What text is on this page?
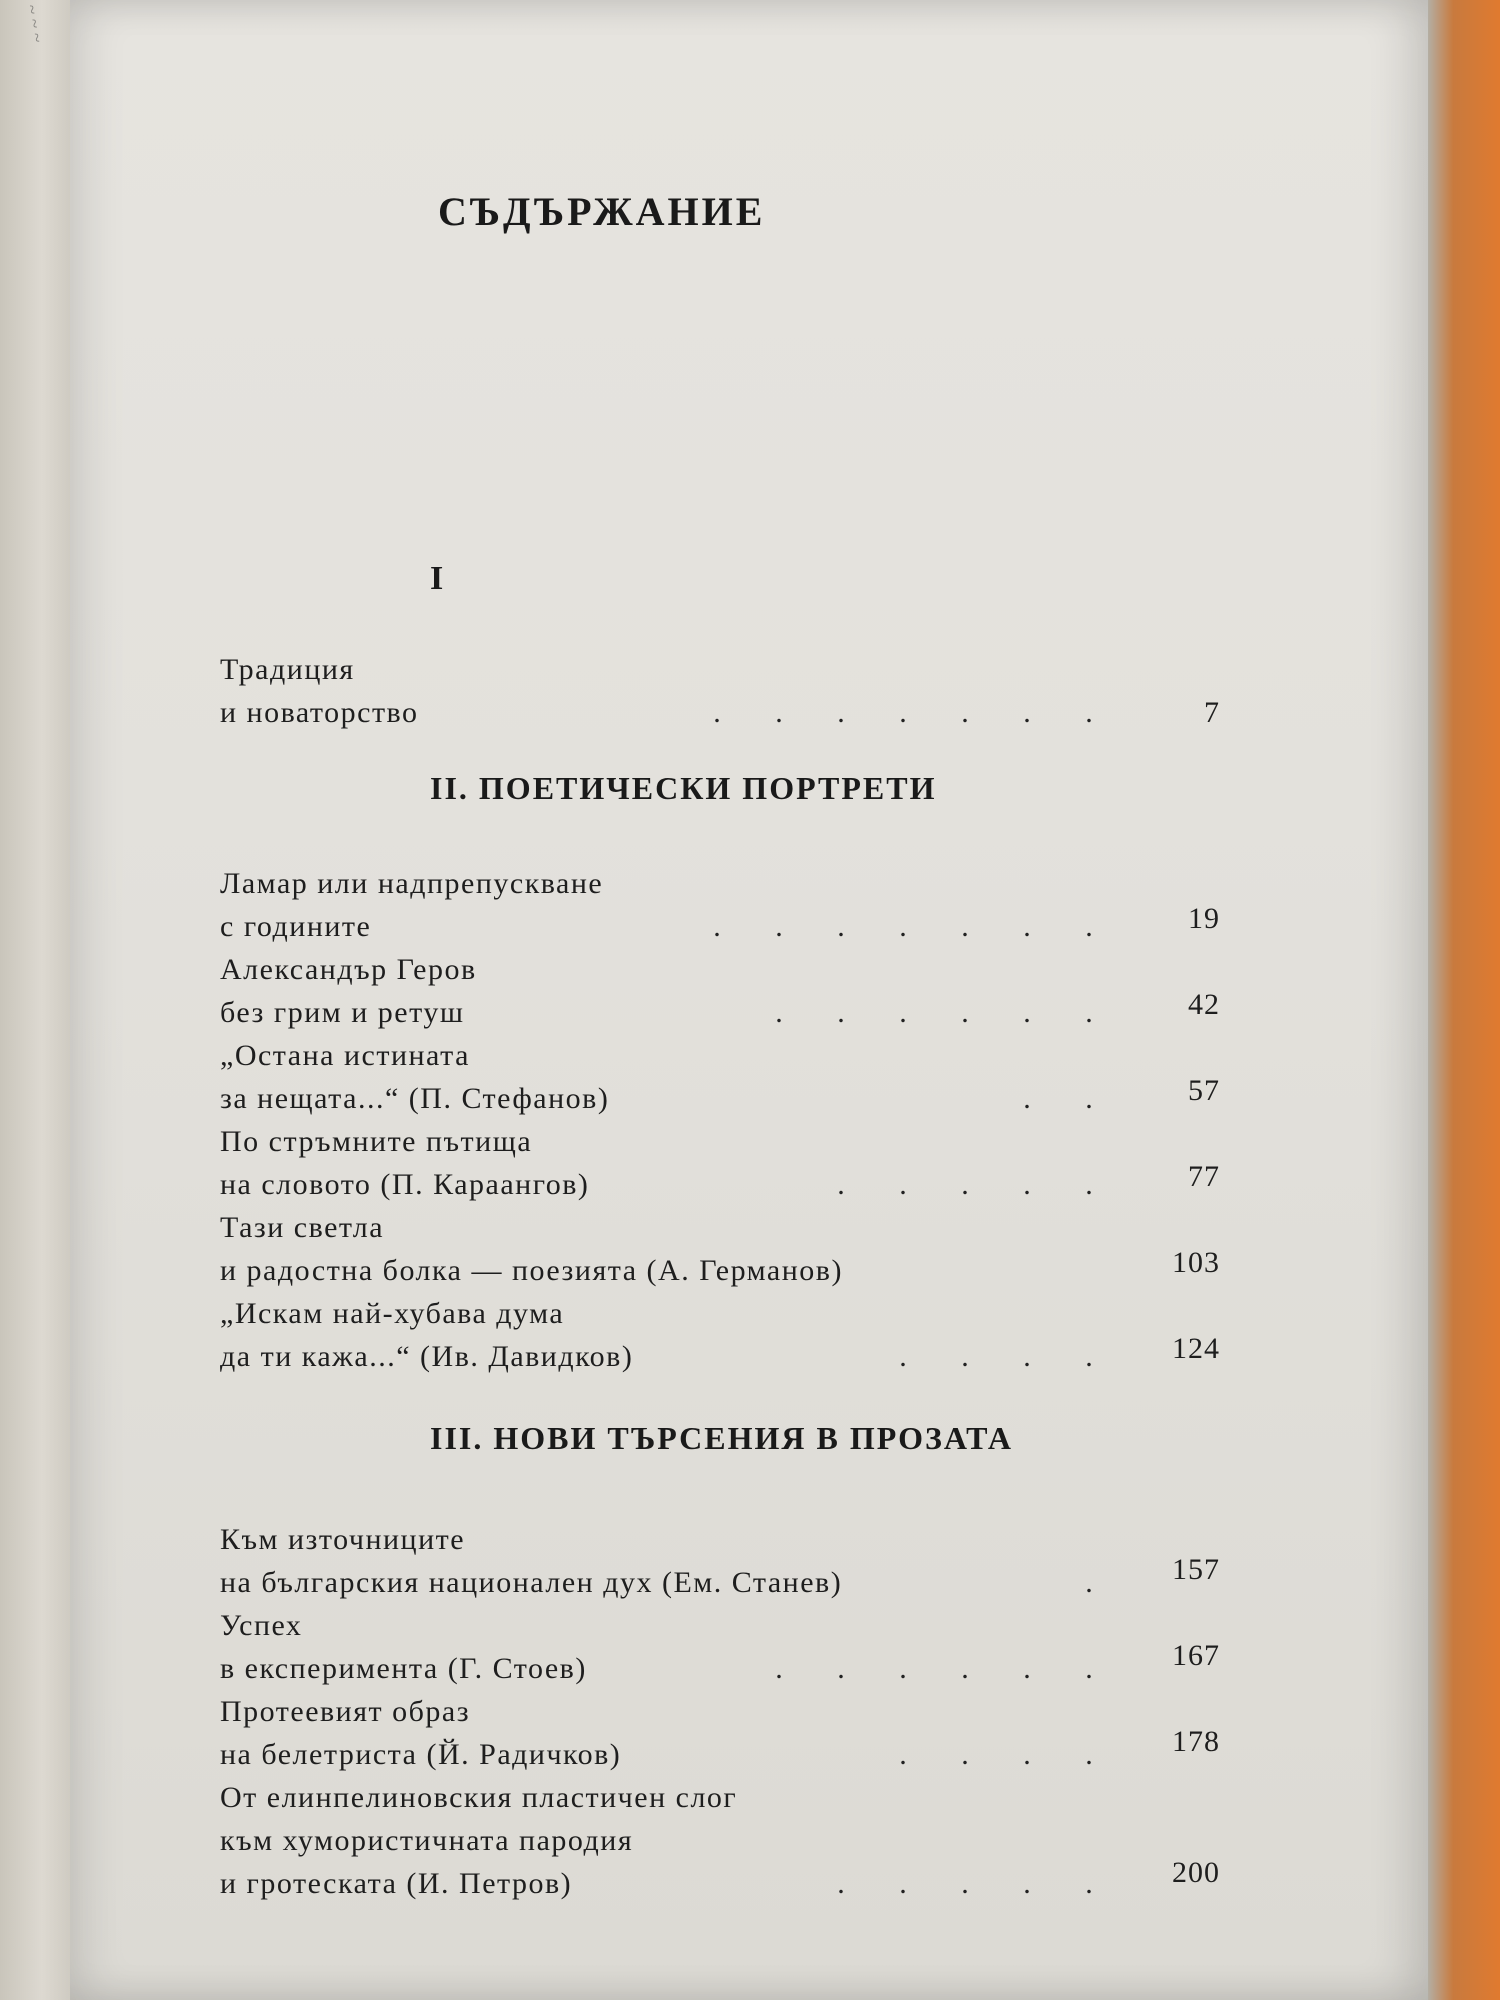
~ ~ ~
СЪДЪРЖАНИЕ
I
Традиция
и новаторство	. . . . . . .	7
II. ПОЕТИЧЕСКИ ПОРТРЕТИ
Ламар или надпрепускване
с годините	. . . . . . .	19
Александър Геров
без грим и ретуш	. . . . . .	42
„Остана истината
за нещата...“ (П. Стефанов)	. .	57
По стръмните пътища
на словото (П. Караангов)	. . . . .	77
Тази светла
и радостна болка — поезията (А. Германов)	103
„Искам най-хубава дума
да ти кажа...“ (Ив. Давидков)	. . . .	124
III. НОВИ ТЪРСЕНИЯ В ПРОЗАТА
Към източниците
на българския национален дух (Ем. Станев)	.	157
Успех
в експеримента (Г. Стоев)	. . . . . .	167
Протеевият образ
на белетриста (Й. Радичков)	. . . .	178
От елинпелиновския пластичен слог
към хумористичната пародия
и гротеската (И. Петров)	. . . . .	200
